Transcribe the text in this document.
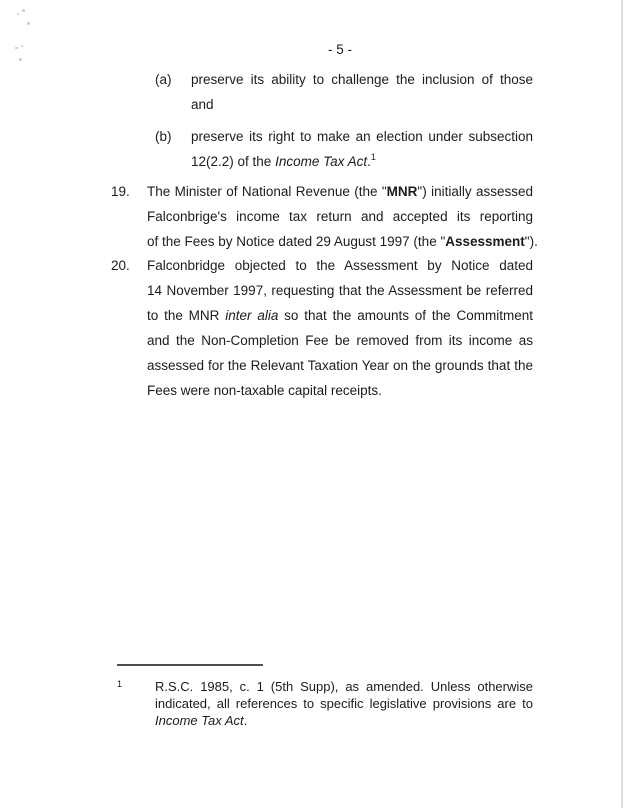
- 5 -
(a) preserve its ability to challenge the inclusion of those
and
(b) preserve its right to make an election under subsection
12(2.2) of the Income Tax Act.$^1$
19. The Minister of National Revenue (the "MNR") initially assessed
Falconbrige's income tax return and accepted its reporting
of the Fees by Notice dated 29 August 1997 (the "Assessment").
20. Falconbridge objected to the Assessment by Notice dated
14 November 1997, requesting that the Assessment be referred
to the MNR inter alia so that the amounts of the Commitment
and the Non-Completion Fee be removed from its income as
assessed for the Relevant Taxation Year on the grounds that the
Fees were non-taxable capital receipts.
1	R.S.C. 1985, c. 1 (5th Supp), as amended. Unless otherwise
indicated, all references to specific legislative provisions are to
Income Tax Act.
